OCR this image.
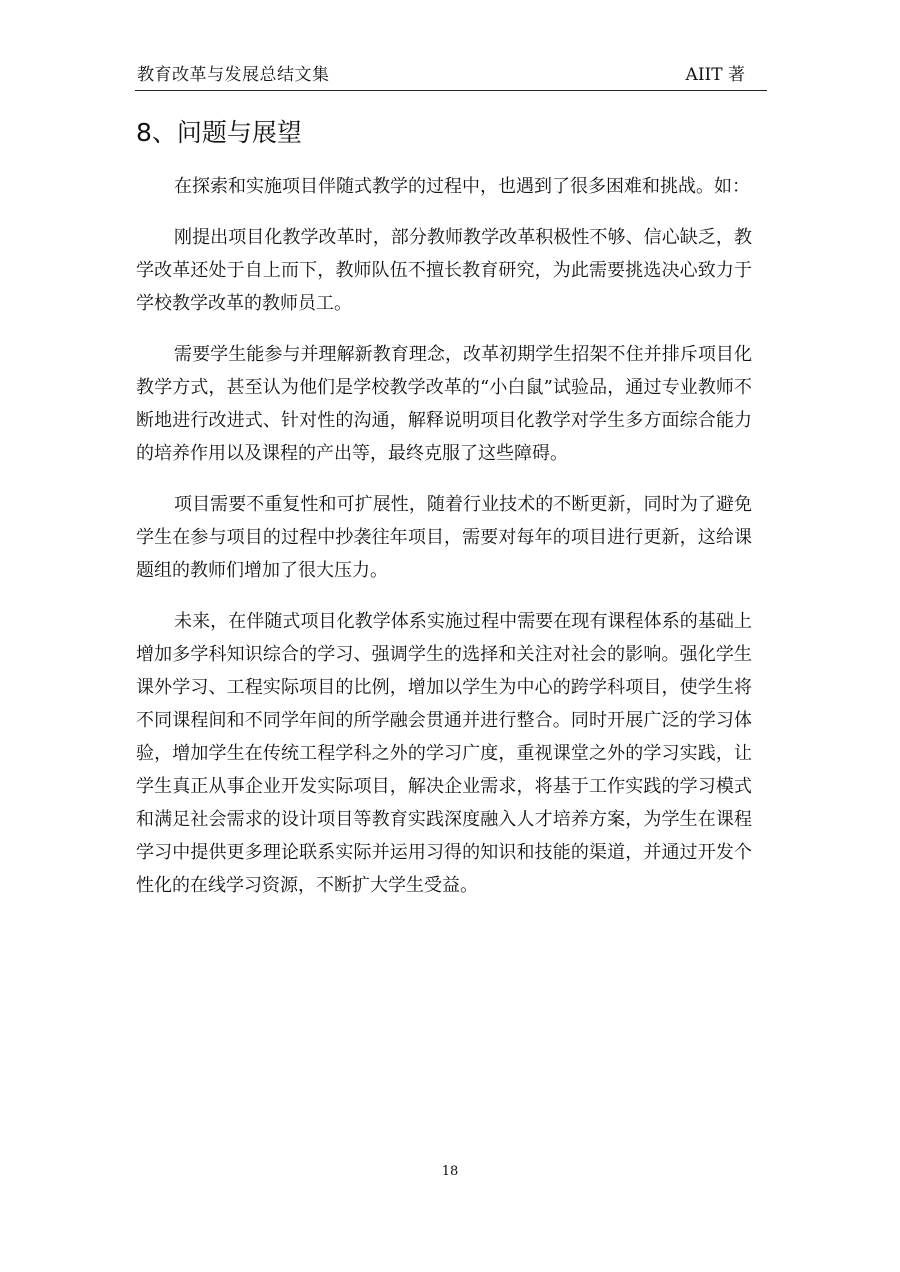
教育改革与发展总结文集	AIIT 著
8、问题与展望

在探索和实施项目伴随式教学的过程中，也遇到了很多困难和挑战。如：

刚提出项目化教学改革时，部分教师教学改革积极性不够、信心缺乏，教学改革还处于自上而下，教师队伍不擅长教育研究，为此需要挑选决心致力于学校教学改革的教师员工。

需要学生能参与并理解新教育理念，改革初期学生招架不住并排斥项目化教学方式，甚至认为他们是学校教学改革的“小白鼠”试验品，通过专业教师不断地进行改进式、针对性的沟通，解释说明项目化教学对学生多方面综合能力的培养作用以及课程的产出等，最终克服了这些障碍。

项目需要不重复性和可扩展性，随着行业技术的不断更新，同时为了避免学生在参与项目的过程中抄袭往年项目，需要对每年的项目进行更新，这给课题组的教师们增加了很大压力。

未来，在伴随式项目化教学体系实施过程中需要在现有课程体系的基础上增加多学科知识综合的学习、强调学生的选择和关注对社会的影响。强化学生课外学习、工程实际项目的比例，增加以学生为中心的跨学科项目，使学生将不同课程间和不同学年间的所学融会贯通并进行整合。同时开展广泛的学习体验，增加学生在传统工程学科之外的学习广度，重视课堂之外的学习实践，让学生真正从事企业开发实际项目，解决企业需求，将基于工作实践的学习模式和满足社会需求的设计项目等教育实践深度融入人才培养方案，为学生在课程学习中提供更多理论联系实际并运用习得的知识和技能的渠道，并通过开发个性化的在线学习资源，不断扩大学生受益。

18
